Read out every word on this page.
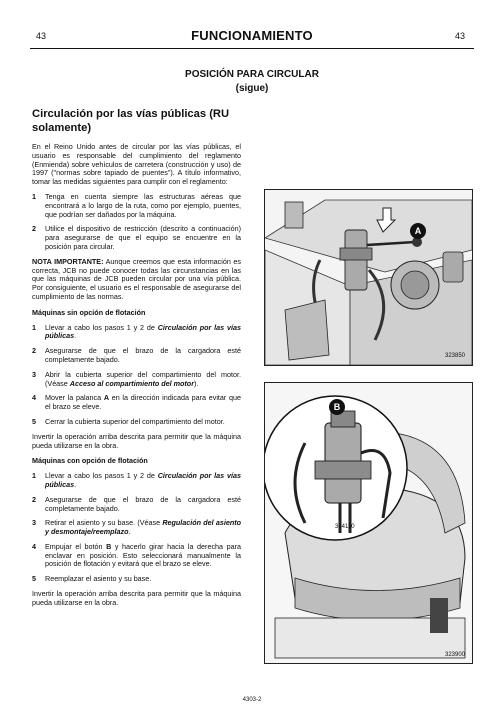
43	FUNCIONAMIENTO	43
POSICIÓN PARA CIRCULAR
(sigue)
Circulación por las vías públicas (RU solamente)
En el Reino Unido antes de circular por las vías públicas, el usuario es responsable del cumplimiento del reglamento (Enmienda) sobre vehículos de carretera (construcción y uso) de 1997 ("normas sobre tapiado de puentes"). A título informativo, tomar las medidas siguientes para cumplir con el reglamento:
1	Tenga en cuenta siempre las estructuras aéreas que encontrará a lo largo de la ruta, como por ejemplo, puentes, que podrían ser dañados por la máquina.
2	Utilice el dispositivo de restricción (descrito a continuación) para asegurarse de que el equipo se encuentre en la posición para circular.
NOTA IMPORTANTE: Aunque creemos que esta información es correcta, JCB no puede conocer todas las circunstancias en las que las máquinas de JCB pueden circular por una vía pública. Por consiguiente, el usuario es el responsable de asegurarse del cumplimiento de las normas.
Máquinas sin opción de flotación
1	Llevar a cabo los pasos 1 y 2 de Circulación por las vías públicas.
2	Asegurarse de que el brazo de la cargadora esté completamente bajado.
3	Abrir la cubierta superior del compartimiento del motor. (Véase Acceso al compartimiento del motor).
4	Mover la palanca A en la dirección indicada para evitar que el brazo se eleve.
5	Cerrar la cubierta superior del compartimiento del motor.
Invertir la operación arriba descrita para permitir que la máquina pueda utilizarse en la obra.
Máquinas con opción de flotación
1	Llevar a cabo los pasos 1 y 2 de Circulación por las vías públicas.
2	Asegurarse de que el brazo de la cargadora esté completamente bajado.
3	Retirar el asiento y su base. (Véase Regulación del asiento y desmontaje/reemplazo.
4	Empujar el botón B y hacerlo girar hacia la derecha para enclavar en posición. Esto seleccionará manualmente la posición de flotación y evitará que el brazo se eleve.
5	Reemplazar el asiento y su base.
Invertir la operación arriba descrita para permitir que la máquina pueda utilizarse en la obra.
A
323850
B
334110
323900
4303-2
